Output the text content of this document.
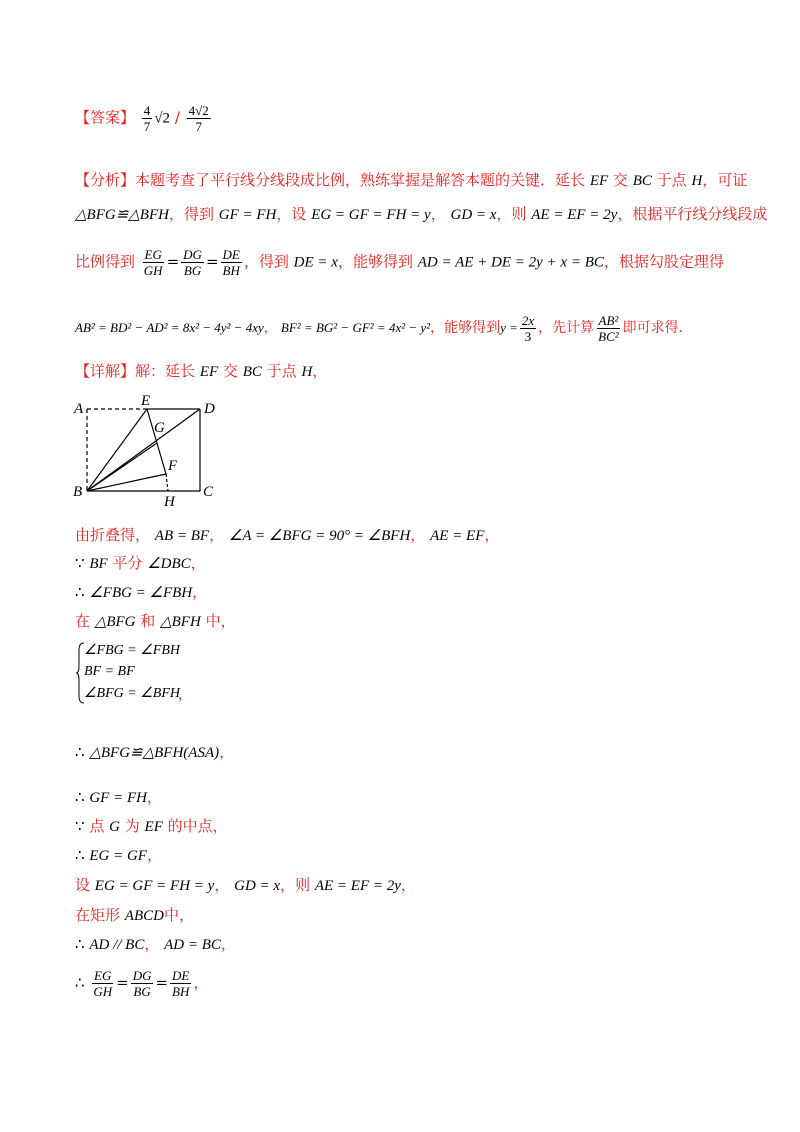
【答案】 $\frac{4}{7} √2 / \frac{4√2}{7}$
【分析】本题考查了平行线分线段成比例，熟练掌握是解答本题的关键．延长 EF 交 BC 于点 H，可证
△BFG≌△BFH，得到 GF = FH，设 EG = GF = FH = y， GD = x，则 AE = EF = 2y，根据平行线分线段成
比例得到 $\frac{EG}{GH} = \frac{DG}{BG} = \frac{DE}{BH}$ ，得到 DE = x，能够得到 AD = AE + DE = 2y + x = BC，根据勾股定理得
AB² = BD² − AD² = 8x² − 4y² − 4xy， BF² = BG² − GF² = 4x² − y²，能够得到$y = \frac{2x}{3}$ ，先计算 $\frac{\text{AB²}}{\text{BC²}}$ 即可求得．
【详解】解：延长 EF 交 BC 于点 H，
A	E	D
G
F
B
H
C
由折叠得， AB = BF， ∠A = ∠BFG = 90° = ∠BFH， AE = EF，
∵ BF 平分 ∠DBC，
∴ ∠FBG = ∠FBH，
在 △BFG 和 △BFH 中，
∠FBG = ∠FBH
BF = BF
∠BFG = ∠BFH
，
∴ △BFG≌△BFH(ASA)，
∴ GF = FH，
∵ 点 G 为 EF 的中点，
∴ EG = GF，
设 EG = GF = FH = y， GD = x，则 AE = EF = 2y，
在矩形 ABCD中，
∴ AD // BC， AD = BC，
∴ $\frac{EG}{GH} = \frac{DG}{BG} = \frac{DE}{BH}$ ，
